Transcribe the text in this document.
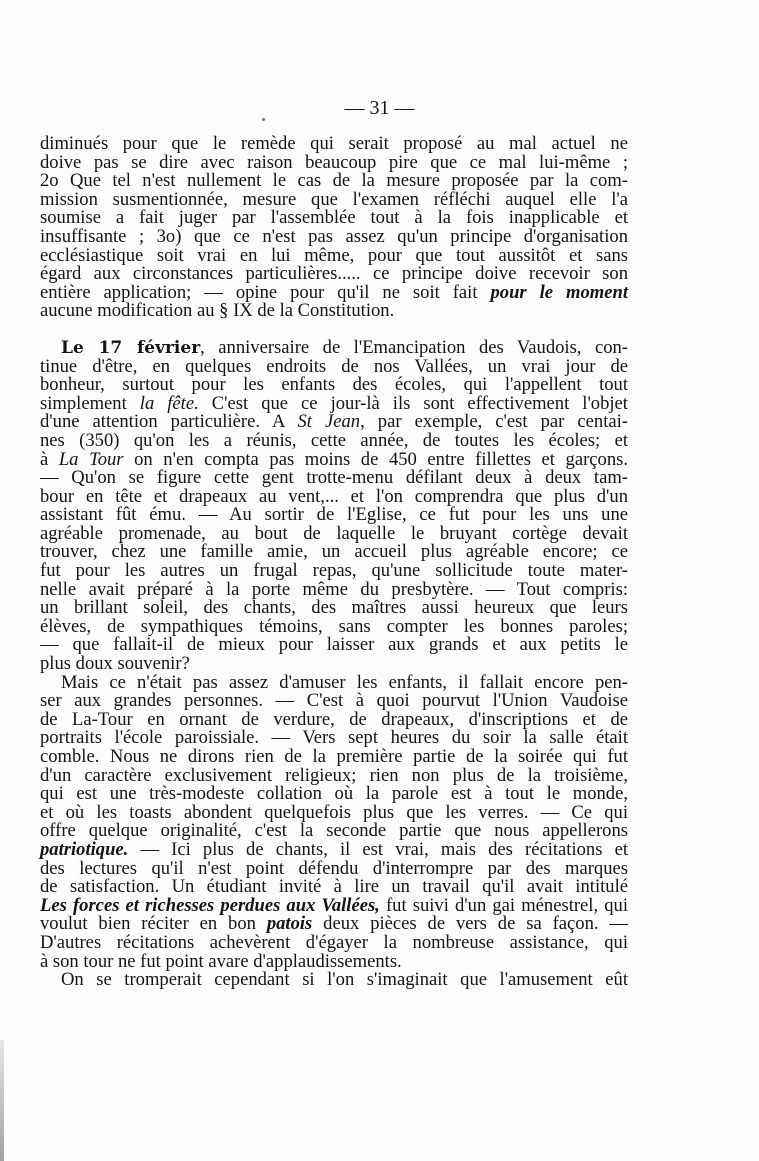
— 31 —
diminués pour que le remède qui serait proposé au mal actuel ne
doive pas se dire avec raison beaucoup pire que ce mal lui-même ;
2o Que tel n'est nullement le cas de la mesure proposée par la com-
mission susmentionnée, mesure que l'examen réfléchi auquel elle l'a
soumise a fait juger par l'assemblée tout à la fois inapplicable et
insuffisante ; 3o) que ce n'est pas assez qu'un principe d'organisation
ecclésiastique soit vrai en lui même, pour que tout aussitôt et sans
égard aux circonstances particulières..... ce principe doive recevoir son
entière application; — opine pour qu'il ne soit fait pour le moment
aucune modification au § IX de la Constitution.
Le 17 février, anniversaire de l'Emancipation des Vaudois, con-
tinue d'être, en quelques endroits de nos Vallées, un vrai jour de
bonheur, surtout pour les enfants des écoles, qui l'appellent tout
simplement la fête. C'est que ce jour-là ils sont effectivement l'objet
d'une attention particulière. A St Jean, par exemple, c'est par centai-
nes (350) qu'on les a réunis, cette année, de toutes les écoles; et
à La Tour on n'en compta pas moins de 450 entre fillettes et garçons.
— Qu'on se figure cette gent trotte-menu défilant deux à deux tam-
bour en tête et drapeaux au vent,... et l'on comprendra que plus d'un
assistant fût ému. — Au sortir de l'Eglise, ce fut pour les uns une
agréable promenade, au bout de laquelle le bruyant cortège devait
trouver, chez une famille amie, un accueil plus agréable encore; ce
fut pour les autres un frugal repas, qu'une sollicitude toute mater-
nelle avait préparé à la porte même du presbytère. — Tout compris:
un brillant soleil, des chants, des maîtres aussi heureux que leurs
élèves, de sympathiques témoins, sans compter les bonnes paroles;
— que fallait-il de mieux pour laisser aux grands et aux petits le
plus doux souvenir?
Mais ce n'était pas assez d'amuser les enfants, il fallait encore pen-
ser aux grandes personnes. — C'est à quoi pourvut l'Union Vaudoise
de La-Tour en ornant de verdure, de drapeaux, d'inscriptions et de
portraits l'école paroissiale. — Vers sept heures du soir la salle était
comble. Nous ne dirons rien de la première partie de la soirée qui fut
d'un caractère exclusivement religieux; rien non plus de la troisième,
qui est une très-modeste collation où la parole est à tout le monde,
et où les toasts abondent quelquefois plus que les verres. — Ce qui
offre quelque originalité, c'est la seconde partie que nous appellerons
patriotique. — Ici plus de chants, il est vrai, mais des récitations et
des lectures qu'il n'est point défendu d'interrompre par des marques
de satisfaction. Un étudiant invité à lire un travail qu'il avait intitulé
Les forces et richesses perdues aux Vallées, fut suivi d'un gai ménestrel, qui
voulut bien réciter en bon patois deux pièces de vers de sa façon. —
D'autres récitations achevèrent d'égayer la nombreuse assistance, qui
à son tour ne fut point avare d'applaudissements.
On se tromperait cependant si l'on s'imaginait que l'amusement eût
